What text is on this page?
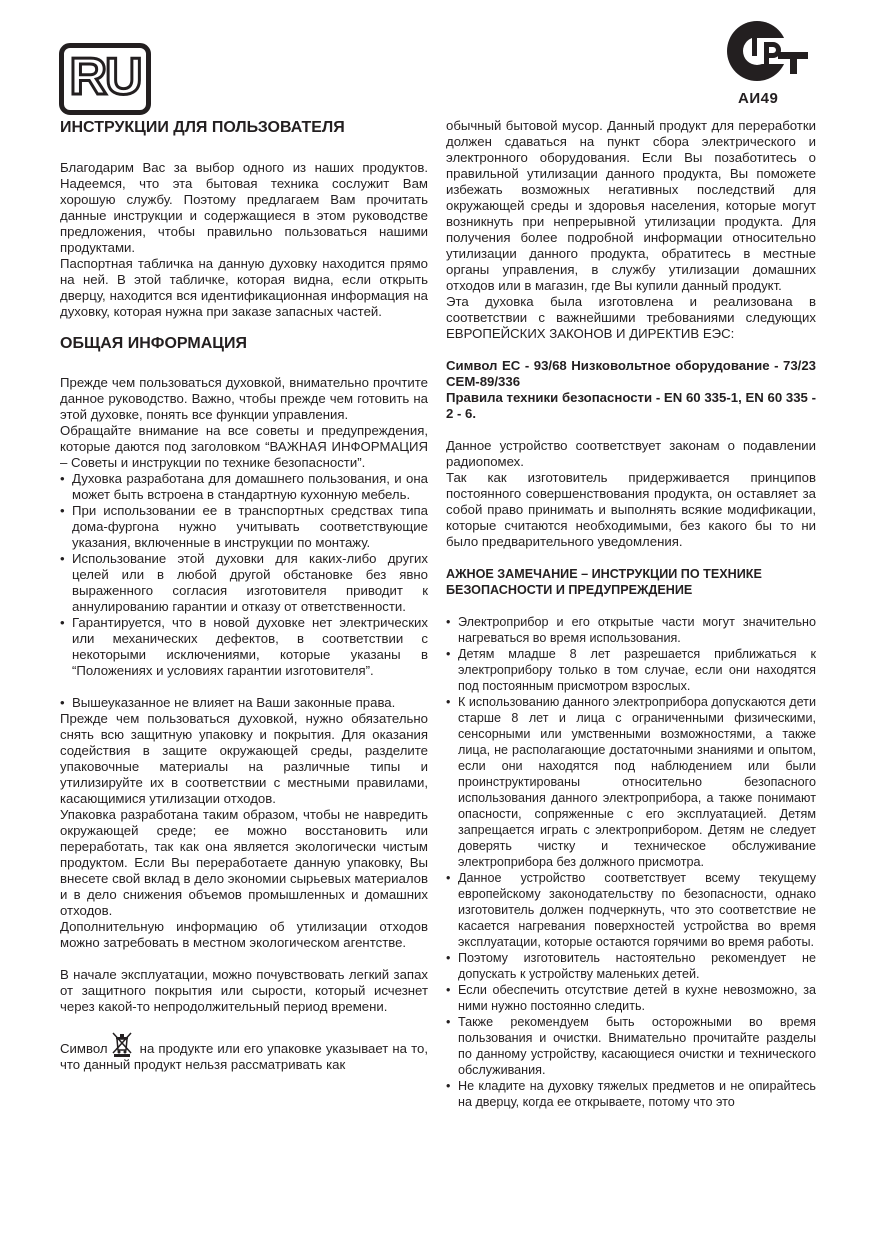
RU	АИ49
ИНСТРУКЦИИ ДЛЯ ПОЛЬЗОВАТЕЛЯ

Благодарим Вас за выбор одного из наших продуктов. Надеемся, что эта бытовая техника сослужит Вам хорошую службу. Поэтому предлагаем Вам прочитать данные инструкции и содержащиеся в этом руководстве предложения, чтобы правильно пользоваться нашими продуктами.

Паспортная табличка на данную духовку находится прямо на ней. В этой табличке, которая видна, если открыть дверцу, находится вся идентификационная информация на духовку, которая нужна при заказе запасных частей.

ОБЩАЯ ИНФОРМАЦИЯ

Прежде чем пользоваться духовкой, внимательно прочтите данное руководство. Важно, чтобы прежде чем готовить на этой духовке, понять все функции управления.

Обращайте внимание на все советы и предупреждения, которые даются под заголовком “ВАЖНАЯ ИНФОРМАЦИЯ – Советы и инструкции по технике безопасности”.

• Духовка разработана для домашнего пользования, и она может быть встроена в стандартную кухонную мебель.
• При использовании ее в транспортных средствах типа дома-фургона нужно учитывать соответствующие указания, включенные в инструкции по монтажу.
• Использование этой духовки для каких-либо других целей или в любой другой обстановке без явно выраженного согласия изготовителя приводит к аннулированию гарантии и отказу от ответственности.
• Гарантируется, что в новой духовке нет электрических или механических дефектов, в соответствии с некоторыми исключениями, которые указаны в “Положениях и условиях гарантии изготовителя”.
• Вышеуказанное не влияет на Ваши законные права.

Прежде чем пользоваться духовкой, нужно обязательно снять всю защитную упаковку и покрытия. Для оказания содействия в защите окружающей среды, разделите упаковочные материалы на различные типы и утилизируйте их в соответствии с местными правилами, касающимися утилизации отходов.

Упаковка разработана таким образом, чтобы не навредить окружающей среде; ее можно восстановить или переработать, так как она является экологически чистым продуктом. Если Вы переработаете данную упаковку, Вы внесете свой вклад в дело экономии сырьевых материалов и в дело снижения объемов промышленных и домашних отходов.

Дополнительную информацию об утилизации отходов можно затребовать в местном экологическом агентстве.

В начале эксплуатации, можно почувствовать легкий запах от защитного покрытия или сырости, который исчезнет через какой-то непродолжительный период времени.

Символ на продукте или его упаковке указывает на то, что данный продукт нельзя рассматривать как

обычный бытовой мусор. Данный продукт для переработки должен сдаваться на пункт сбора электрического и электронного оборудования. Если Вы позаботитесь о правильной утилизации данного продукта, Вы поможете избежать возможных негативных последствий для окружающей среды и здоровья населения, которые могут возникнуть при непрерывной утилизации продукта. Для получения более подробной информации относительно утилизации данного продукта, обратитесь в местные органы управления, в службу утилизации домашних отходов или в магазин, где Вы купили данный продукт.

Эта духовка была изготовлена и реализована в соответствии с важнейшими требованиями следующих ЕВРОПЕЙСКИХ ЗАКОНОВ И ДИРЕКТИВ ЕЭС:

Символ ЕС - 93/68 Низковольтное оборудование - 73/23 CEM-89/336

Правила техники безопасности - EN 60 335-1, EN 60 335 - 2 - 6.

Данное устройство соответствует законам о подавлении радиопомех.

Так как изготовитель придерживается принципов постоянного совершенствования продукта, он оставляет за собой право принимать и выполнять всякие модификации, которые считаются необходимыми, без какого бы то ни было предварительного уведомления.

АЖНОЕ ЗАМЕЧАНИЕ – ИНСТРУКЦИИ ПО ТЕХНИКЕ БЕЗОПАСНОСТИ И ПРЕДУПРЕЖДЕНИЕ
• Электроприбор и его открытые части могут значительно нагреваться во время использования.
• Детям младше 8 лет разрешается приближаться к электроприбору только в том случае, если они находятся под постоянным присмотром взрослых.
• К использованию данного электроприбора допускаются дети старше 8 лет и лица с ограниченными физическими, сенсорными или умственными возможностями, а также лица, не располагающие достаточными знаниями и опытом, если они находятся под наблюдением или были проинструктированы относительно безопасного использования данного электроприбора, а также понимают опасности, сопряженные с его эксплуатацией. Детям запрещается играть с электроприбором. Детям не следует доверять чистку и техническое обслуживание электроприбора без должного присмотра.
• Данное устройство соответствует всему текущему европейскому законодательству по безопасности, однако изготовитель должен подчеркнуть, что это соответствие не касается нагревания поверхностей устройства во время эксплуатации, которые остаются горячими во время работы.
• Поэтому изготовитель настоятельно рекомендует не допускать к устройству маленьких детей.
• Если обеспечить отсутствие детей в кухне невозможно, за ними нужно постоянно следить.
• Также рекомендуем быть осторожными во время пользования и очистки. Внимательно прочитайте разделы по данному устройству, касающиеся очистки и технического обслуживания.
• Не кладите на духовку тяжелых предметов и не опирайтесь на дверцу, когда ее открываете, потому что это
